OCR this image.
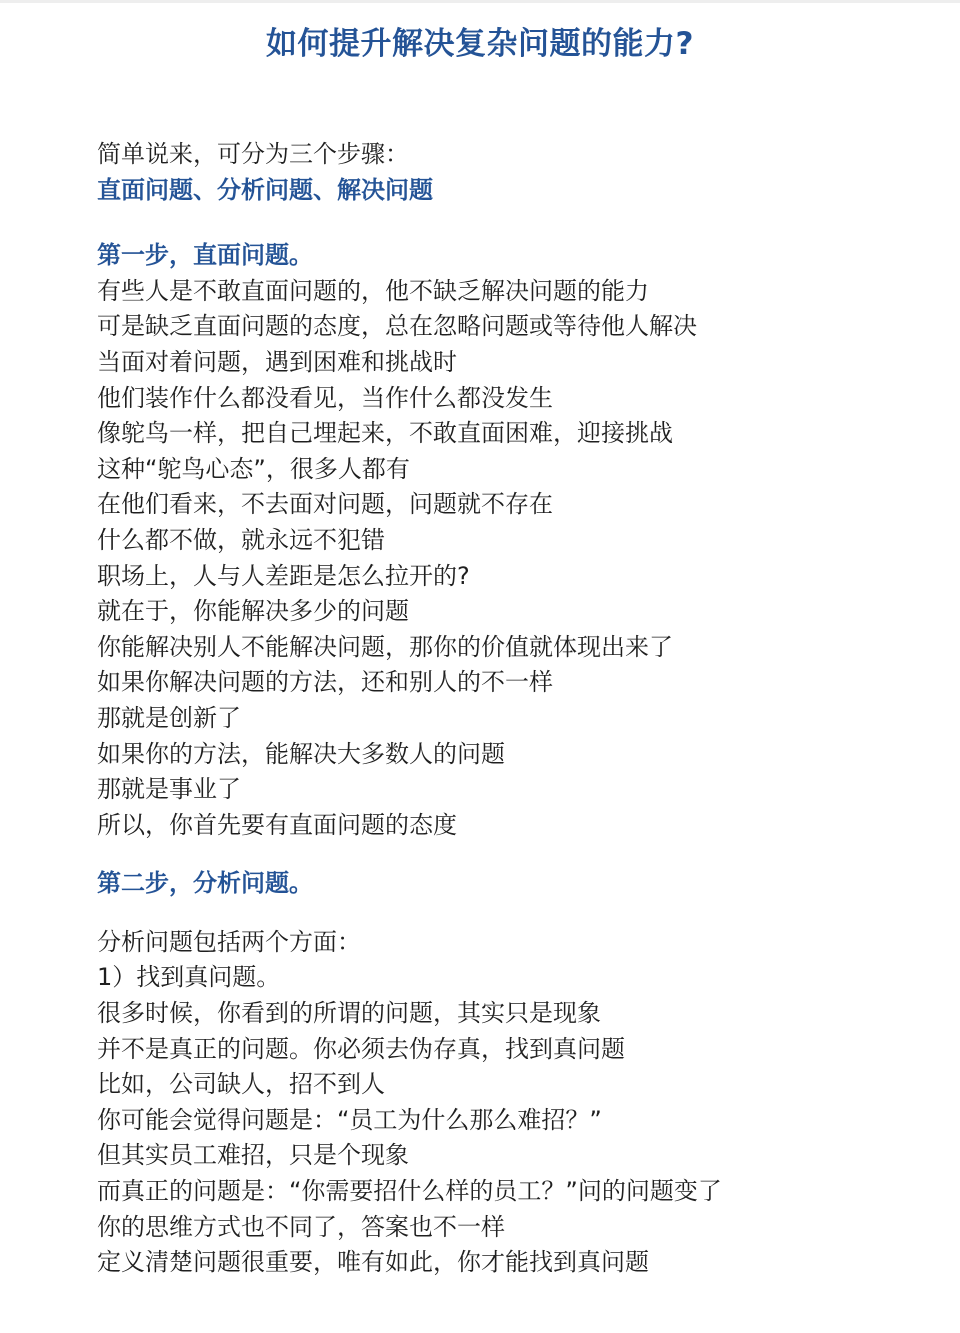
如何提升解决复杂问题的能力?
简单说来，可分为三个步骤：
直面问题、分析问题、解决问题
第一步，直面问题。
有些人是不敢直面问题的，他不缺乏解决问题的能力
可是缺乏直面问题的态度，总在忽略问题或等待他人解决
当面对着问题，遇到困难和挑战时
他们装作什么都没看见，当作什么都没发生
像鸵鸟一样，把自己埋起来，不敢直面困难，迎接挑战
这种“鸵鸟心态”，很多人都有
在他们看来，不去面对问题，问题就不存在
什么都不做，就永远不犯错
职场上，人与人差距是怎么拉开的?
就在于，你能解决多少的问题
你能解决别人不能解决问题，那你的价值就体现出来了
如果你解决问题的方法，还和别人的不一样
那就是创新了
如果你的方法，能解决大多数人的问题
那就是事业了
所以，你首先要有直面问题的态度
第二步，分析问题。
分析问题包括两个方面：
1）找到真问题。
很多时候，你看到的所谓的问题，其实只是现象
并不是真正的问题。你必须去伪存真，找到真问题
比如，公司缺人，招不到人
你可能会觉得问题是：“员工为什么那么难招？”
但其实员工难招，只是个现象
而真正的问题是：“你需要招什么样的员工？”问的问题变了
你的思维方式也不同了，答案也不一样
定义清楚问题很重要，唯有如此，你才能找到真问题
